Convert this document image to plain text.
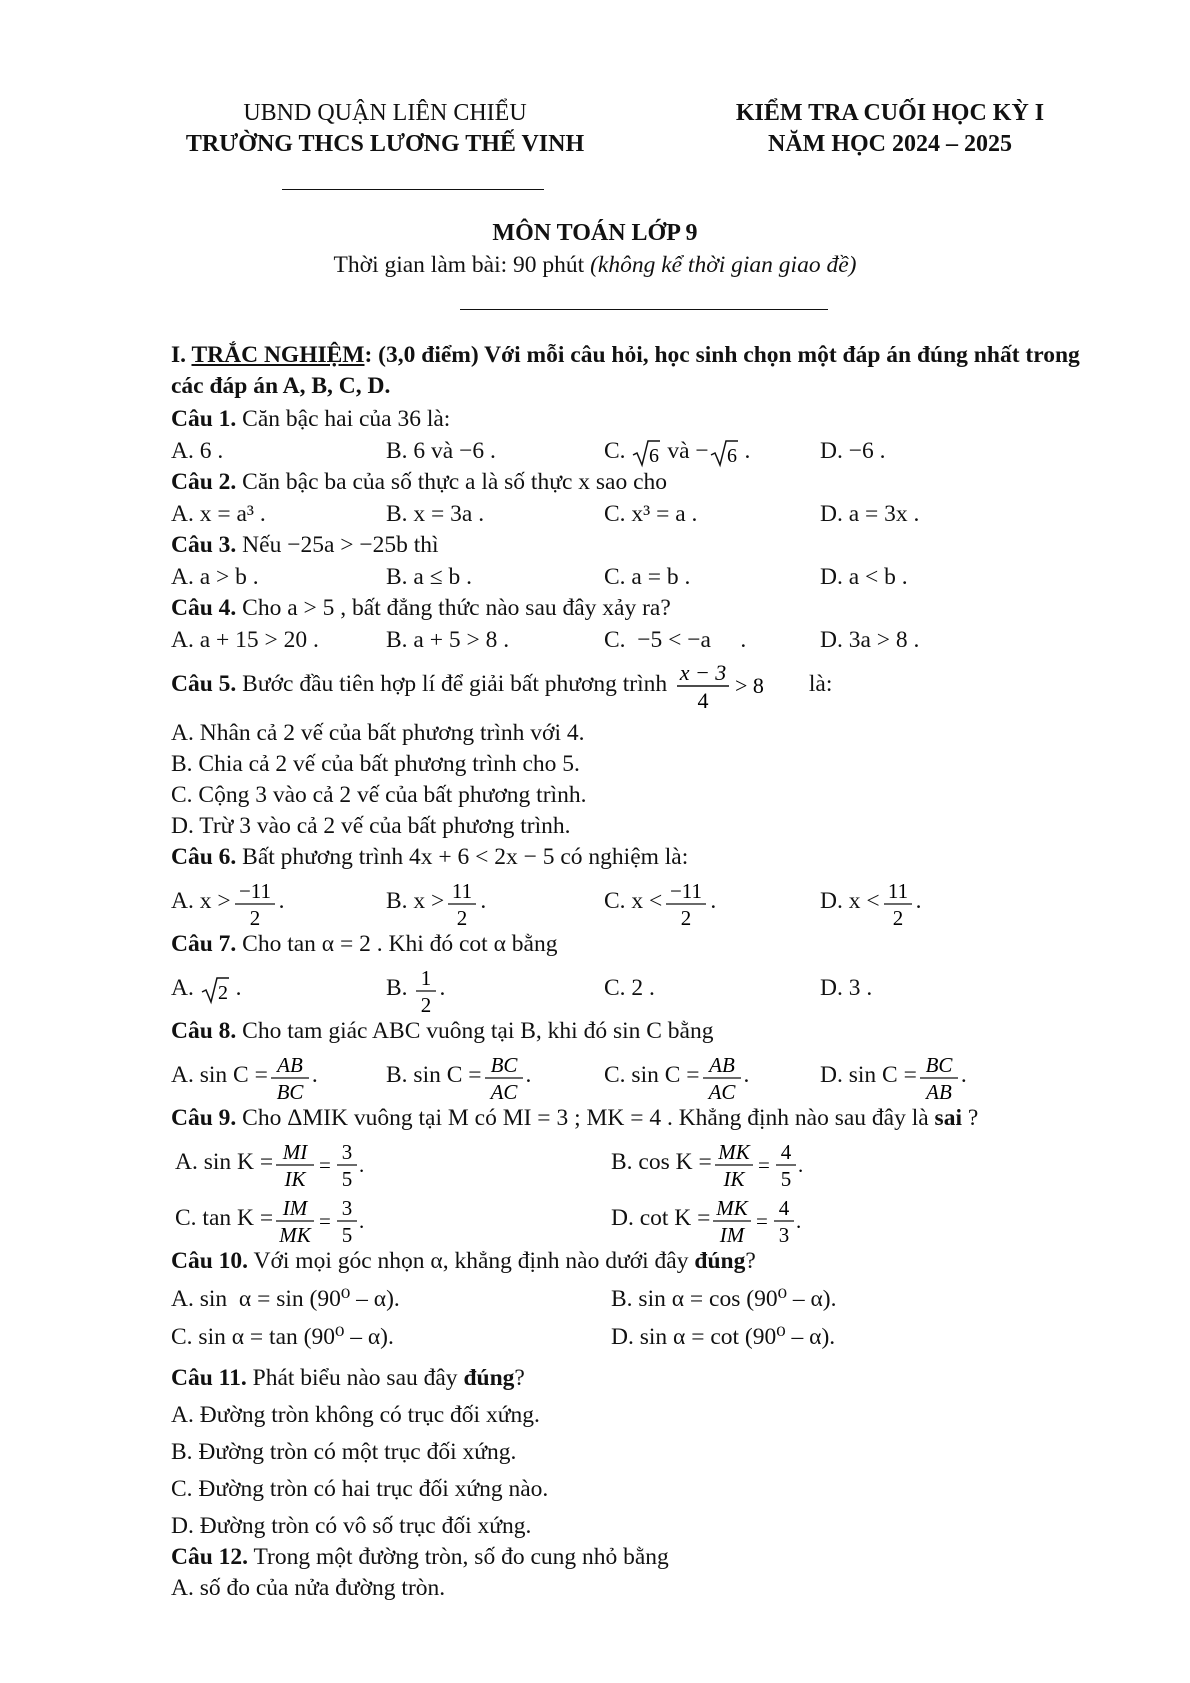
UBND QUẬN LIÊN CHIỂU
TRƯỜNG THCS LƯƠNG THẾ VINH
KIỂM TRA CUỐI HỌC KỲ I
NĂM HỌC 2024 – 2025
MÔN TOÁN LỚP 9
Thời gian làm bài: 90 phút (không kể thời gian giao đề)
I. TRẮC NGHIỆM: (3,0 điểm) Với mỗi câu hỏi, học sinh chọn một đáp án đúng nhất trong các đáp án A, B, C, D.
Câu 1. Căn bậc hai của 36 là:
A. 6 .	B. 6 và −6 .	C. 6 và − 6 .	D. −6 .
Câu 2. Căn bậc ba của số thực a là số thực x sao cho
A. x = a³ .	B. x = 3a .	C. x³ = a .	D. a = 3x .
Câu 3. Nếu −25a > −25b thì
A. a > b .	B. a ≤ b .	C. a = b .	D. a < b .
Câu 4. Cho a > 5 , bất đẳng thức nào sau đây xảy ra?
A. a + 15 > 20 .	B. a + 5 > 8 .	C.  −5 < −a     .	D. 3a > 8 .
Câu 5. Bước đầu tiên hợp lí để giải bất phương trình x − 3
4
> 8 là:
A. Nhân cả 2 vế của bất phương trình với 4.
B. Chia cả 2 vế của bất phương trình cho 5.
C. Cộng 3 vào cả 2 vế của bất phương trình.
D. Trừ 3 vào cả 2 vế của bất phương trình.
Câu 6. Bất phương trình 4x + 6 < 2x − 5 có nghiệm là:
A. x > −11
2
.	B. x > 11
2
.	C. x < −11
2
.	D. x < 11
2
.
Câu 7. Cho tan α = 2 . Khi đó cot α bằng
A. 2 .	B. 1
2
.	C. 2 .	D. 3 .
Câu 8. Cho tam giác ABC vuông tại B, khi đó sin C bằng
A. sin C = AB
BC
.	B. sin C = BC
AC
.	C. sin C = AB
AC
.	D. sin C = BC
AB
.
Câu 9. Cho ΔMIK vuông tại M có MI = 3 ; MK = 4 . Khẳng định nào sau đây là sai ?
A. sin K = MI
IK
=
3
5
.	B. cos K = MK
IK
=
4
5
.
C. tan K = IM
MK
=
3
5
.	D. cot K = MK
IM
=
4
3
.
Câu 10. Với mọi góc nhọn α, khẳng định nào dưới đây đúng?
A. sin  α = sin (90⁰ – α).	B. sin α = cos (90⁰ – α).
C. sin α = tan (90⁰ – α).	D. sin α = cot (90⁰ – α).
Câu 11. Phát biểu nào sau đây đúng?
A. Đường tròn không có trục đối xứng.
B. Đường tròn có một trục đối xứng.
C. Đường tròn có hai trục đối xứng nào.
D. Đường tròn có vô số trục đối xứng.
Câu 12. Trong một đường tròn, số đo cung nhỏ bằng
A. số đo của nửa đường tròn.
